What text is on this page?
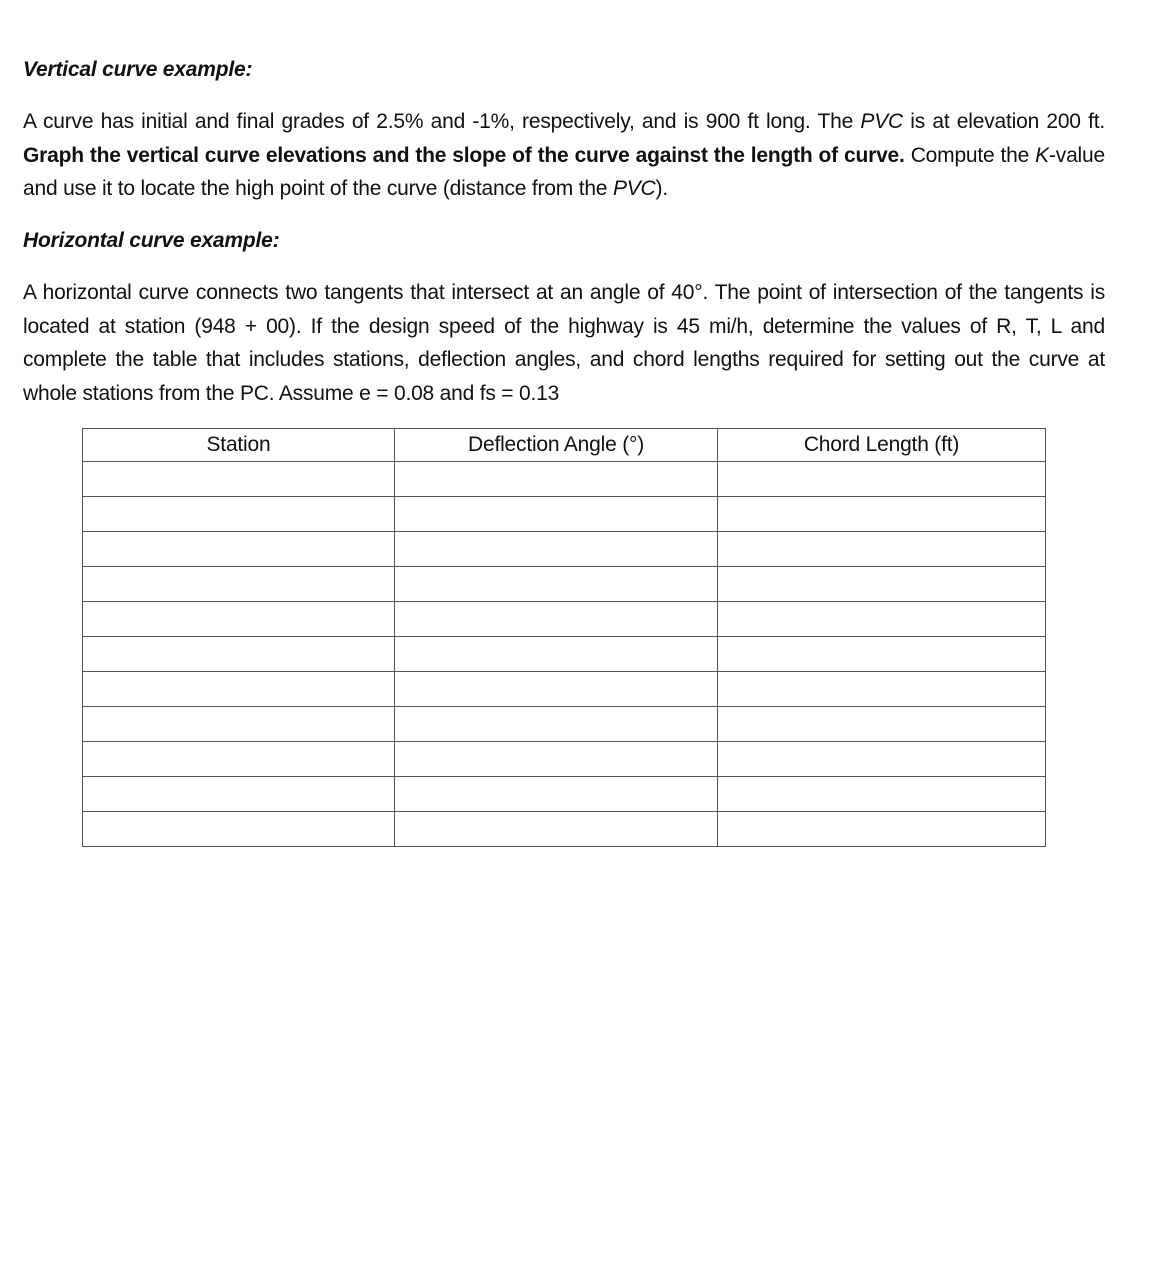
Vertical curve example:
A curve has initial and final grades of 2.5% and -1%, respectively, and is 900 ft long. The PVC is at elevation 200 ft. Graph the vertical curve elevations and the slope of the curve against the length of curve. Compute the K-value and use it to locate the high point of the curve (distance from the PVC).
Horizontal curve example:
A horizontal curve connects two tangents that intersect at an angle of 40°. The point of intersection of the tangents is located at station (948 + 00). If the design speed of the highway is 45 mi/h, determine the values of R, T, L and complete the table that includes stations, deflection angles, and chord lengths required for setting out the curve at whole stations from the PC. Assume e = 0.08 and fs = 0.13
Station	Deflection Angle (°)	Chord Length (ft)
